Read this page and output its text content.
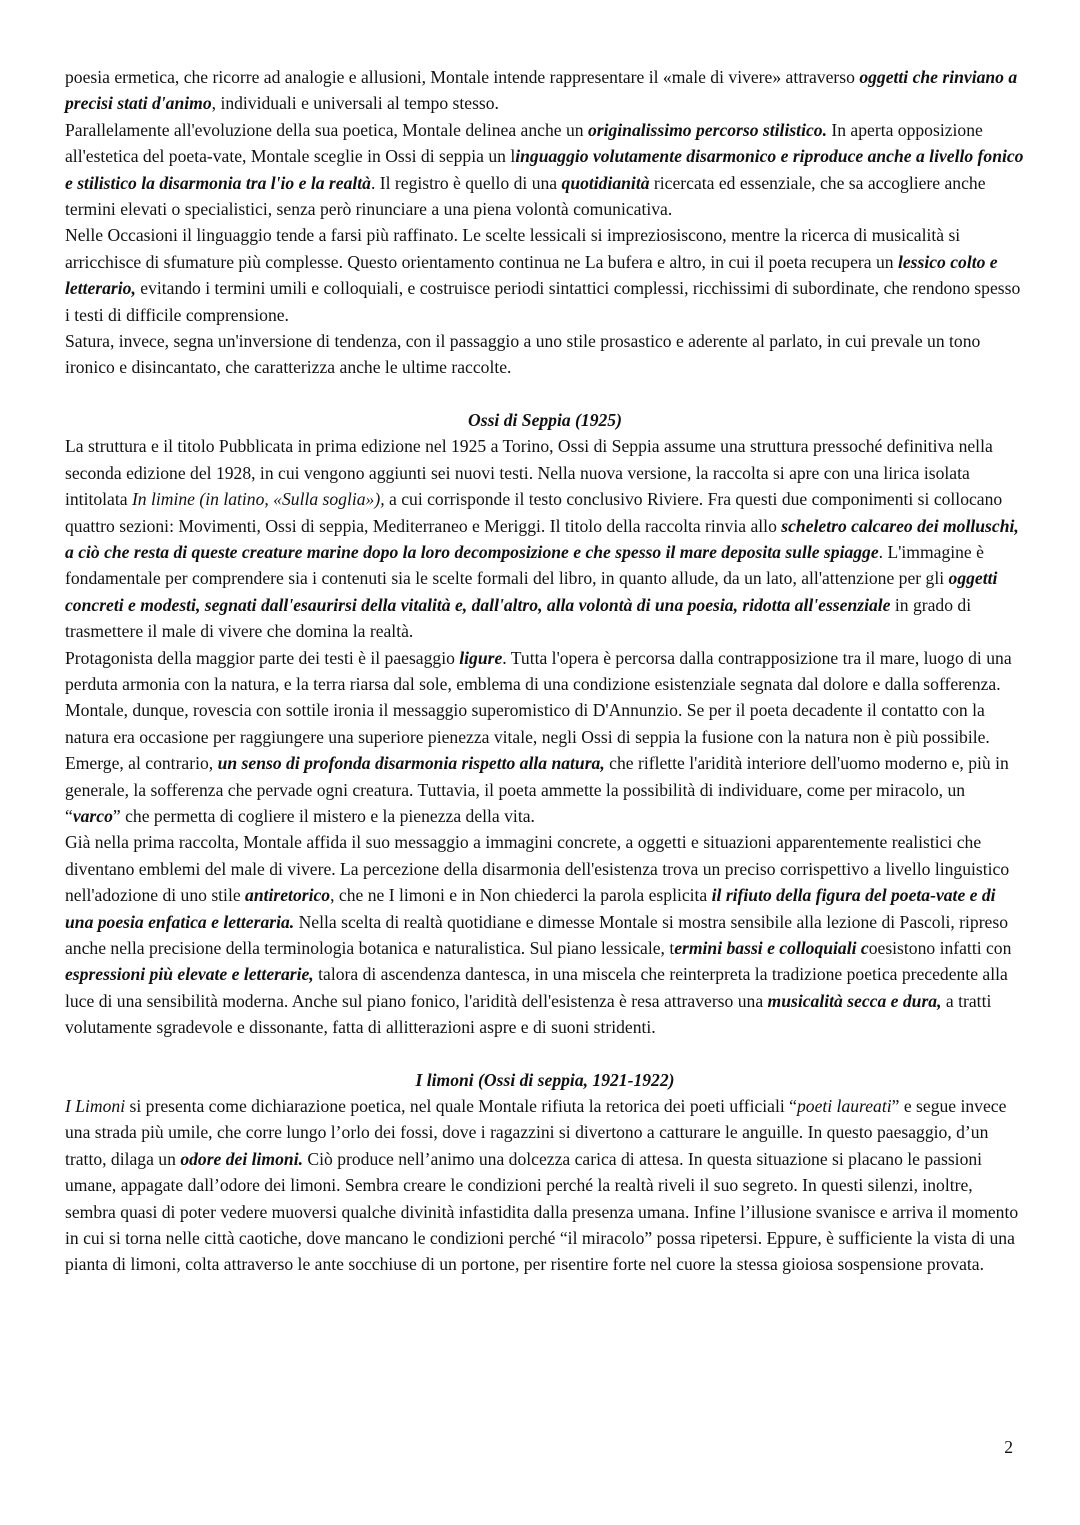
poesia ermetica, che ricorre ad analogie e allusioni, Montale intende rappresentare il «male di vivere» attraverso oggetti che rinviano a precisi stati d'animo, individuali e universali al tempo stesso.

Parallelamente all'evoluzione della sua poetica, Montale delinea anche un originalissimo percorso stilistico. In aperta opposizione all'estetica del poeta-vate, Montale sceglie in Ossi di seppia un linguaggio volutamente disarmonico e riproduce anche a livello fonico e stilistico la disarmonia tra l'io e la realtà. Il registro è quello di una quotidianità ricercata ed essenziale, che sa accogliere anche termini elevati o specialistici, senza però rinunciare a una piena volontà comunicativa.

Nelle Occasioni il linguaggio tende a farsi più raffinato. Le scelte lessicali si impreziosiscono, mentre la ricerca di musicalità si arricchisce di sfumature più complesse. Questo orientamento continua ne La bufera e altro, in cui il poeta recupera un lessico colto e letterario, evitando i termini umili e colloquiali, e costruisce periodi sintattici complessi, ricchissimi di subordinate, che rendono spesso i testi di difficile comprensione.

Satura, invece, segna un'inversione di tendenza, con il passaggio a uno stile prosastico e aderente al parlato, in cui prevale un tono ironico e disincantato, che caratterizza anche le ultime raccolte.

Ossi di Seppia (1925)

La struttura e il titolo Pubblicata in prima edizione nel 1925 a Torino, Ossi di Seppia assume una struttura pressoché definitiva nella seconda edizione del 1928, in cui vengono aggiunti sei nuovi testi. Nella nuova versione, la raccolta si apre con una lirica isolata intitolata In limine (in latino, «Sulla soglia»), a cui corrisponde il testo conclusivo Riviere. Fra questi due componimenti si collocano quattro sezioni: Movimenti, Ossi di seppia, Mediterraneo e Meriggi. Il titolo della raccolta rinvia allo scheletro calcareo dei molluschi, a ciò che resta di queste creature marine dopo la loro decomposizione e che spesso il mare deposita sulle spiagge. L'immagine è fondamentale per comprendere sia i contenuti sia le scelte formali del libro, in quanto allude, da un lato, all'attenzione per gli oggetti concreti e modesti, segnati dall'esaurirsi della vitalità e, dall'altro, alla volontà di una poesia, ridotta all'essenziale in grado di trasmettere il male di vivere che domina la realtà.

Protagonista della maggior parte dei testi è il paesaggio ligure. Tutta l'opera è percorsa dalla contrapposizione tra il mare, luogo di una perduta armonia con la natura, e la terra riarsa dal sole, emblema di una condizione esistenziale segnata dal dolore e dalla sofferenza.

Montale, dunque, rovescia con sottile ironia il messaggio superomistico di D'Annunzio. Se per il poeta decadente il contatto con la natura era occasione per raggiungere una superiore pienezza vitale, negli Ossi di seppia la fusione con la natura non è più possibile. Emerge, al contrario, un senso di profonda disarmonia rispetto alla natura, che riflette l'aridità interiore dell'uomo moderno e, più in generale, la sofferenza che pervade ogni creatura. Tuttavia, il poeta ammette la possibilità di individuare, come per miracolo, un “varco” che permetta di cogliere il mistero e la pienezza della vita.

Già nella prima raccolta, Montale affida il suo messaggio a immagini concrete, a oggetti e situazioni apparentemente realistici che diventano emblemi del male di vivere. La percezione della disarmonia dell'esistenza trova un preciso corrispettivo a livello linguistico nell'adozione di uno stile antiretorico, che ne I limoni e in Non chiederci la parola esplicita il rifiuto della figura del poeta-vate e di una poesia enfatica e letteraria. Nella scelta di realtà quotidiane e dimesse Montale si mostra sensibile alla lezione di Pascoli, ripreso anche nella precisione della terminologia botanica e naturalistica. Sul piano lessicale, termini bassi e colloquiali coesistono infatti con espressioni più elevate e letterarie, talora di ascendenza dantesca, in una miscela che reinterpreta la tradizione poetica precedente alla luce di una sensibilità moderna. Anche sul piano fonico, l'aridità dell'esistenza è resa attraverso una musicalità secca e dura, a tratti volutamente sgradevole e dissonante, fatta di allitterazioni aspre e di suoni stridenti.

I limoni (Ossi di seppia, 1921-1922)

I Limoni si presenta come dichiarazione poetica, nel quale Montale rifiuta la retorica dei poeti ufficiali “poeti laureati” e segue invece una strada più umile, che corre lungo l’orlo dei fossi, dove i ragazzini si divertono a catturare le anguille. In questo paesaggio, d’un tratto, dilaga un odore dei limoni. Ciò produce nell’animo una dolcezza carica di attesa. In questa situazione si placano le passioni umane, appagate dall’odore dei limoni. Sembra creare le condizioni perché la realtà riveli il suo segreto. In questi silenzi, inoltre, sembra quasi di poter vedere muoversi qualche divinità infastidita dalla presenza umana. Infine l’illusione svanisce e arriva il momento in cui si torna nelle città caotiche, dove mancano le condizioni perché “il miracolo” possa ripetersi. Eppure, è sufficiente la vista di una pianta di limoni, colta attraverso le ante socchiuse di un portone, per risentire forte nel cuore la stessa gioiosa sospensione provata.

2
